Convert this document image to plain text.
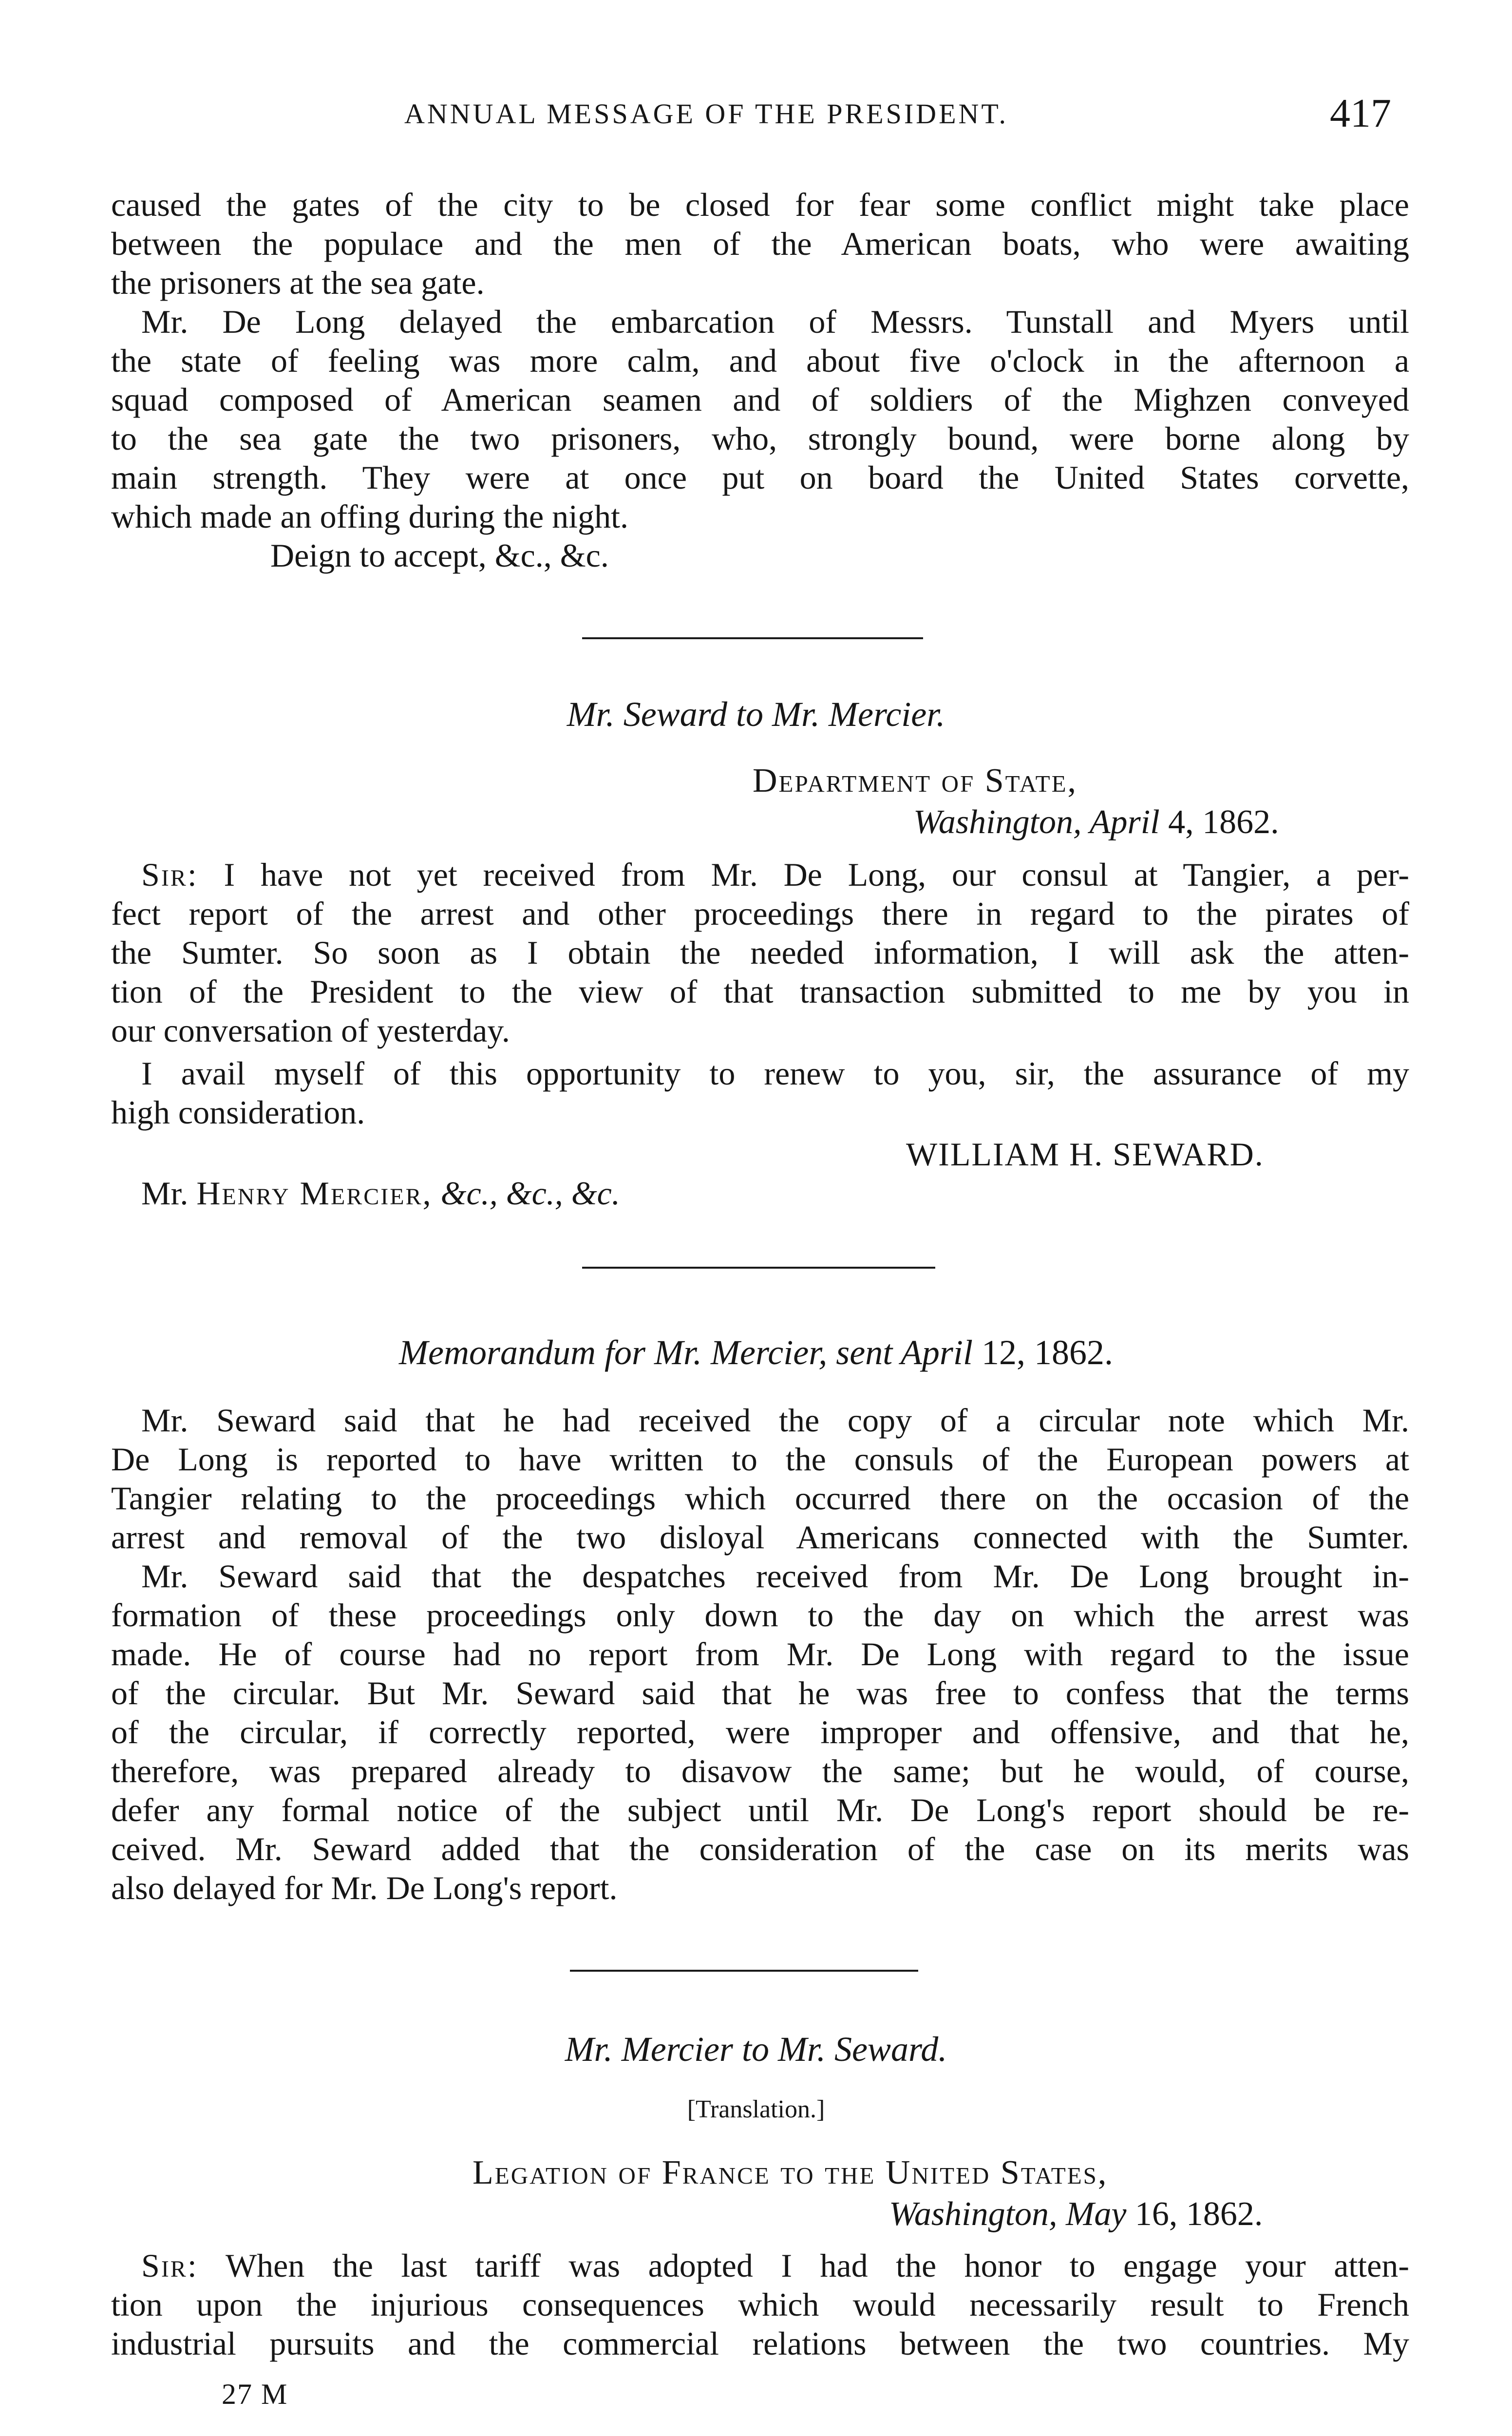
ANNUAL MESSAGE OF THE PRESIDENT.	417
caused the gates of the city to be closed for fear some conflict might take place
between the populace and the men of the American boats, who were awaiting
the prisoners at the sea gate.
Mr. De Long delayed the embarcation of Messrs. Tunstall and Myers until
the state of feeling was more calm, and about five o'clock in the afternoon a
squad composed of American seamen and of soldiers of the Mighzen conveyed
to the sea gate the two prisoners, who, strongly bound, were borne along by
main strength. They were at once put on board the United States corvette,
which made an offing during the night.
Deign to accept, &c., &c.
Mr. Seward to Mr. Mercier.
Department of State,
Washington, April 4, 1862.
Sir: I have not yet received from Mr. De Long, our consul at Tangier, a per-
fect report of the arrest and other proceedings there in regard to the pirates of
the Sumter. So soon as I obtain the needed information, I will ask the atten-
tion of the President to the view of that transaction submitted to me by you in
our conversation of yesterday.
I avail myself of this opportunity to renew to you, sir, the assurance of my
high consideration.
WILLIAM H. SEWARD.
Mr. Henry Mercier, &c., &c., &c.
Memorandum for Mr. Mercier, sent April 12, 1862.
Mr. Seward said that he had received the copy of a circular note which Mr.
De Long is reported to have written to the consuls of the European powers at
Tangier relating to the proceedings which occurred there on the occasion of the
arrest and removal of the two disloyal Americans connected with the Sumter.
Mr. Seward said that the despatches received from Mr. De Long brought in-
formation of these proceedings only down to the day on which the arrest was
made. He of course had no report from Mr. De Long with regard to the issue
of the circular. But Mr. Seward said that he was free to confess that the terms
of the circular, if correctly reported, were improper and offensive, and that he,
therefore, was prepared already to disavow the same; but he would, of course,
defer any formal notice of the subject until Mr. De Long's report should be re-
ceived. Mr. Seward added that the consideration of the case on its merits was
also delayed for Mr. De Long's report.
Mr. Mercier to Mr. Seward.
[Translation.]
Legation of France to the United States,
Washington, May 16, 1862.
Sir: When the last tariff was adopted I had the honor to engage your atten-
tion upon the injurious consequences which would necessarily result to French
industrial pursuits and the commercial relations between the two countries. My
27 M
